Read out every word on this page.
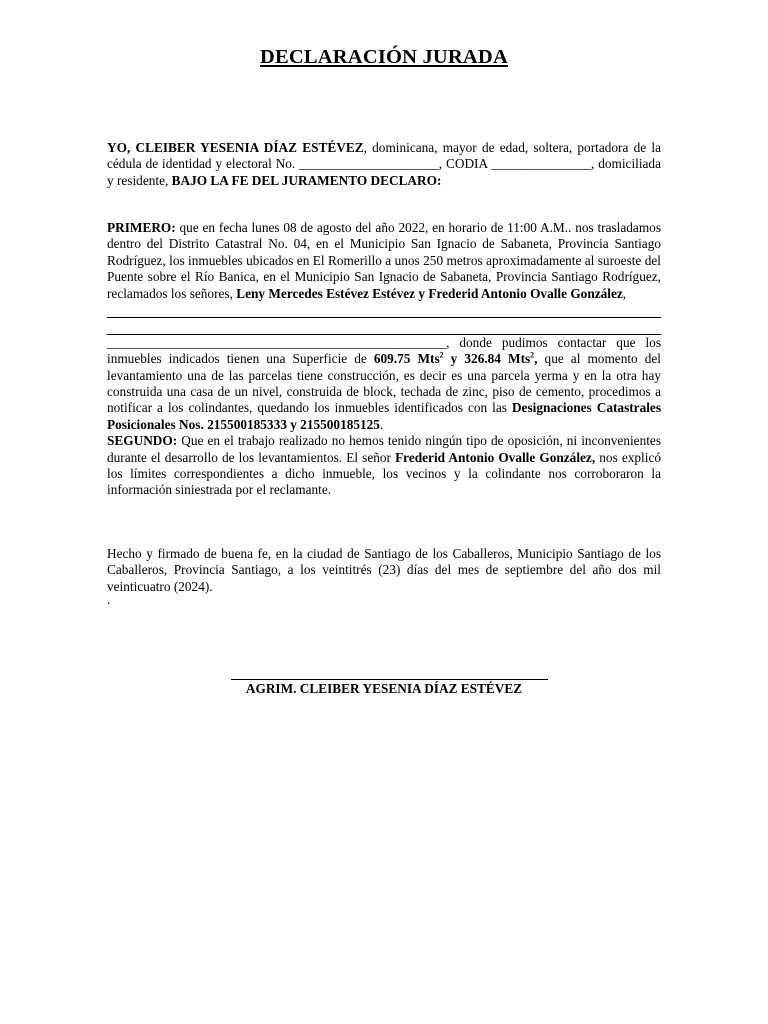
DECLARACIÓN JURADA
YO, CLEIBER YESENIA DÍAZ ESTÉVEZ, dominicana, mayor de edad, soltera, portadora de la cédula de identidad y electoral No. _____________________, CODIA _______________, domiciliada y residente, BAJO LA FE DEL JURAMENTO DECLARO:
PRIMERO: que en fecha lunes 08 de agosto del año 2022, en horario de 11:00 A.M.. nos trasladamos dentro del Distrito Catastral No. 04, en el Municipio San Ignacio de Sabaneta, Provincia Santiago Rodríguez, los inmuebles ubicados en El Romerillo a unos 250 metros aproximadamente al suroeste del Puente sobre el Río Banica, en el Municipio San Ignacio de Sabaneta, Provincia Santiago Rodríguez, reclamados los señores, Leny Mercedes Estévez Estévez y Frederid Antonio Ovalle González,
___________________________________________________, donde pudimos contactar que los inmuebles indicados tienen una Superficie de 609.75 Mts$^2$ y 326.84 Mts$^2$, que al momento del levantamiento una de las parcelas tiene construcción, es decir es una parcela yerma y en la otra hay construida una casa de un nivel, construida de block, techada de zinc, piso de cemento, procedimos a notificar a los colindantes, quedando los inmuebles identificados con las Designaciones Catastrales Posicionales Nos. 215500185333 y 215500185125.
SEGUNDO: Que en el trabajo realizado no hemos tenido ningún tipo de oposición, ni inconvenientes durante el desarrollo de los levantamientos. El señor Frederid Antonio Ovalle González, nos explicó los límites correspondientes a dicho inmueble, los vecinos y la colindante nos corroboraron la información siniestrada por el reclamante.
Hecho y firmado de buena fe, en la ciudad de Santiago de los Caballeros, Municipio Santiago de los Caballeros, Provincia Santiago, a los veintitrés (23) días del mes de septiembre del año dos mil veinticuatro (2024).
.
AGRIM. CLEIBER YESENIA DÍAZ ESTÉVEZ
